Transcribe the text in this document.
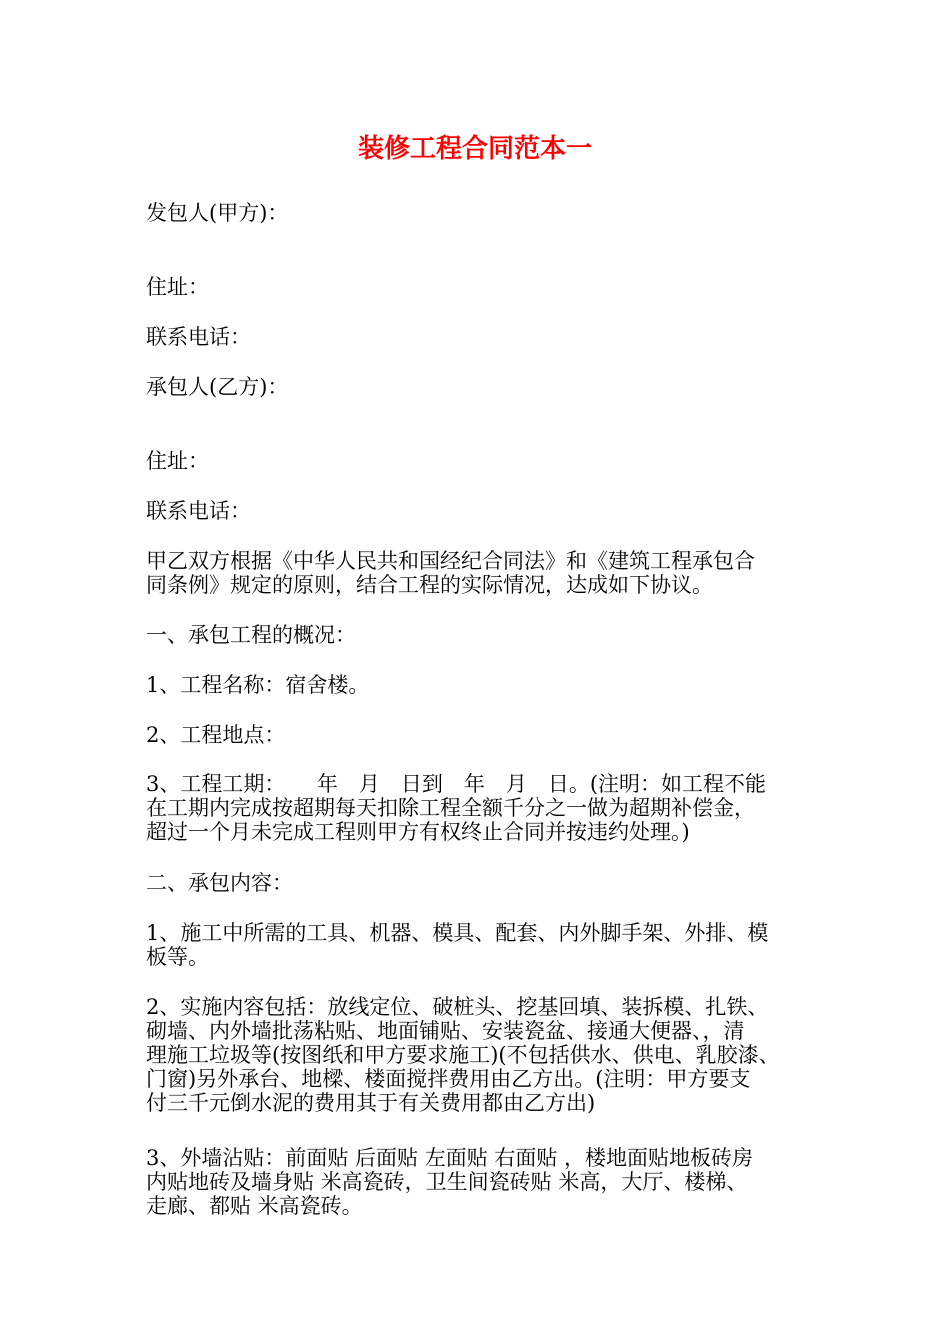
装修工程合同范本一

发包人(甲方)：

住址：

联系电话：

承包人(乙方)：

住址：

联系电话：

甲乙双方根据《中华人民共和国经纪合同法》和《建筑工程承包合
同条例》规定的原则，结合工程的实际情况，达成如下协议。

一、承包工程的概况：

1、工程名称：宿舍楼。

2、工程地点：

3、工程工期：　　年　月　日到　年　月　日。(注明：如工程不能
在工期内完成按超期每天扣除工程全额千分之一做为超期补偿金，
超过一个月未完成工程则甲方有权终止合同并按违约处理。)

二、承包内容：

1、施工中所需的工具、机器、模具、配套、内外脚手架、外排、模
板等。

2、实施内容包括：放线定位、破桩头、挖基回填、装拆模、扎铁、
砌墙、内外墙批荡粘贴、地面铺贴、安装瓷盆、接通大便器、，清
理施工垃圾等(按图纸和甲方要求施工)(不包括供水、供电、乳胶漆、
门窗)另外承台、地樑、楼面搅拌费用由乙方出。(注明：甲方要支
付三千元倒水泥的费用其于有关费用都由乙方出)

3、外墙沾贴：前面贴 后面贴 左面贴 右面贴 ，楼地面贴地板砖房
内贴地砖及墙身贴 米高瓷砖，卫生间瓷砖贴 米高，大厅、楼梯、
走廊、都贴 米高瓷砖。
